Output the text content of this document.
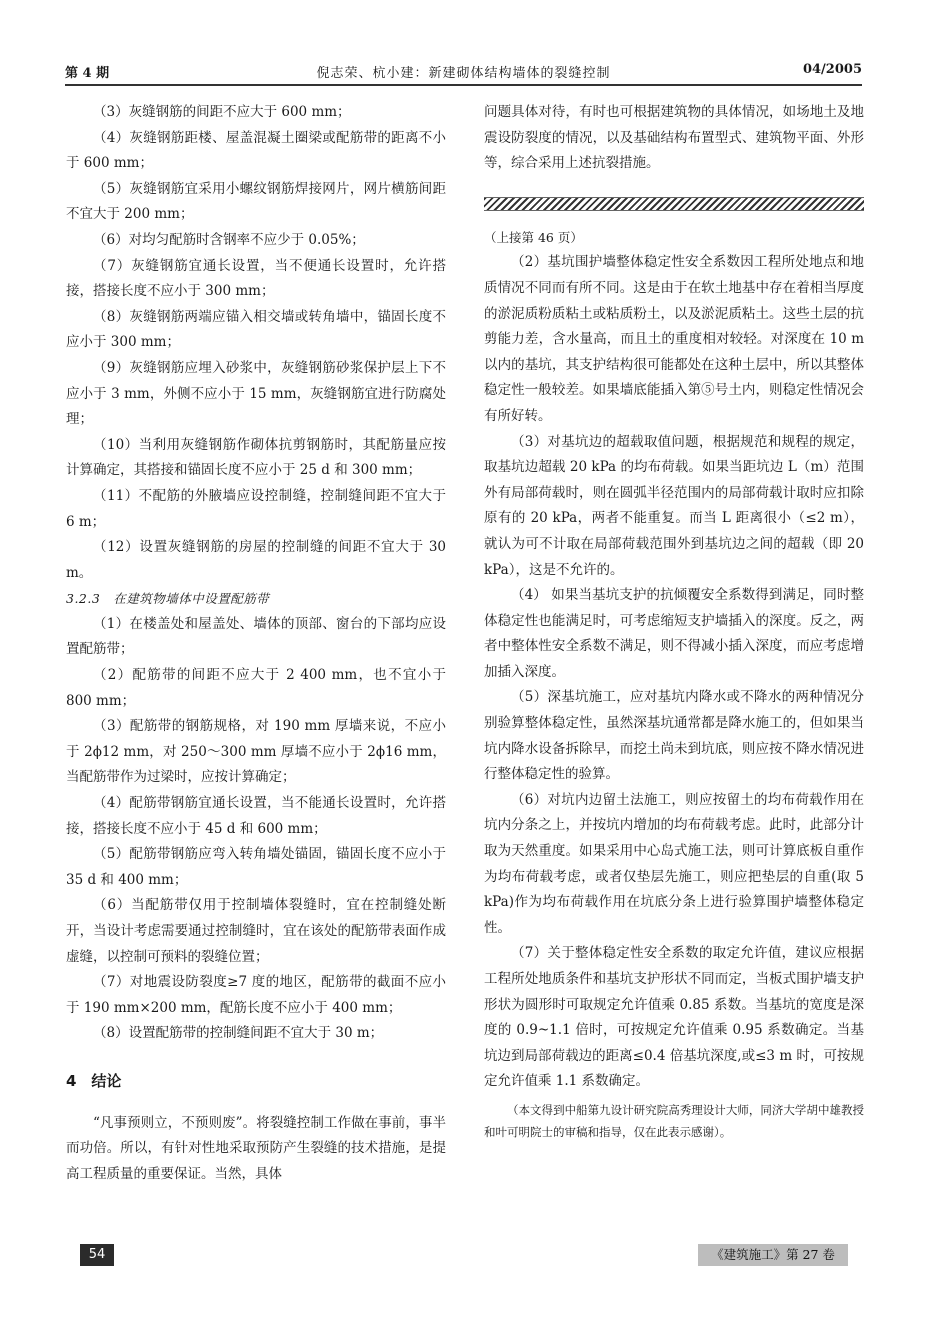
第 4 期	倪志荣、杭小建：新建砌体结构墙体的裂缝控制	04/2005

（3）灰缝钢筋的间距不应大于 600 mm；

（4）灰缝钢筋距楼、屋盖混凝土圈梁或配筋带的距离不小于 600 mm；

（5）灰缝钢筋宜采用小螺纹钢筋焊接网片，网片横筋间距不宜大于 200 mm；

（6）对均匀配筋时含钢率不应少于 0.05%；

（7）灰缝钢筋宜通长设置，当不便通长设置时，允许搭接，搭接长度不应小于 300 mm；

（8）灰缝钢筋两端应锚入相交墙或转角墙中，锚固长度不应小于 300 mm；

（9）灰缝钢筋应埋入砂浆中，灰缝钢筋砂浆保护层上下不应小于 3 mm，外侧不应小于 15 mm，灰缝钢筋宜进行防腐处理；

（10）当利用灰缝钢筋作砌体抗剪钢筋时，其配筋量应按计算确定，其搭接和锚固长度不应小于 25 d 和 300 mm；

（11）不配筋的外腋墙应设控制缝，控制缝间距不宜大于 6 m；

（12）设置灰缝钢筋的房屋的控制缝的间距不宜大于 30 m。

3.2.3　在建筑物墙体中设置配筋带

（1）在楼盖处和屋盖处、墙体的顶部、窗台的下部均应设置配筋带；

（2）配筋带的间距不应大于 2 400 mm，也不宜小于 800 mm；

（3）配筋带的钢筋规格，对 190 mm 厚墙来说，不应小于 2ϕ12 mm，对 250～300 mm 厚墙不应小于 2ϕ16 mm，当配筋带作为过梁时，应按计算确定；

（4）配筋带钢筋宜通长设置，当不能通长设置时，允许搭接，搭接长度不应小于 45 d 和 600 mm；

（5）配筋带钢筋应弯入转角墙处锚固，锚固长度不应小于 35 d 和 400 mm；

（6）当配筋带仅用于控制墙体裂缝时，宜在控制缝处断开，当设计考虑需要通过控制缝时，宜在该处的配筋带表面作成虚缝，以控制可预料的裂缝位置；

（7）对地震设防裂度≥7 度的地区，配筋带的截面不应小于 190 mm×200 mm，配筋长度不应小于 400 mm；

（8）设置配筋带的控制缝间距不宜大于 30 m；

4　结论

“凡事预则立，不预则废”。将裂缝控制工作做在事前，事半而功倍。所以，有针对性地采取预防产生裂缝的技术措施，是提高工程质量的重要保证。当然，具体

问题具体对待，有时也可根据建筑物的具体情况，如场地土及地震设防裂度的情况，以及基础结构布置型式、建筑物平面、外形等，综合采用上述抗裂措施。

（上接第 46 页）

（2）基坑围护墙整体稳定性安全系数因工程所处地点和地质情况不同而有所不同。这是由于在软土地基中存在着相当厚度的淤泥质粉质粘土或粘质粉土，以及淤泥质粘土。这些土层的抗剪能力差，含水量高，而且土的重度相对较轻。对深度在 10 m 以内的基坑，其支护结构很可能都处在这种土层中，所以其整体稳定性一般较差。如果墙底能插入第⑤号土内，则稳定性情况会有所好转。

（3）对基坑边的超载取值问题，根据规范和规程的规定，取基坑边超载 20 kPa 的均布荷载。如果当距坑边 L（m）范围外有局部荷载时，则在圆弧半径范围内的局部荷载计取时应扣除原有的 20 kPa，两者不能重复。而当 L 距离很小（≤2 m），就认为可不计取在局部荷载范围外到基坑边之间的超载（即 20 kPa），这是不允许的。

（4） 如果当基坑支护的抗倾覆安全系数得到满足，同时整体稳定性也能满足时，可考虑缩短支护墙插入的深度。反之，两者中整体性安全系数不满足，则不得减小插入深度，而应考虑增加插入深度。

（5）深基坑施工，应对基坑内降水或不降水的两种情况分别验算整体稳定性，虽然深基坑通常都是降水施工的，但如果当坑内降水设备拆除早，而挖土尚未到坑底，则应按不降水情况进行整体稳定性的验算。

（6）对坑内边留土法施工，则应按留土的均布荷载作用在坑内分条之上，并按坑内增加的均布荷载考虑。此时，此部分计取为天然重度。如果采用中心岛式施工法，则可计算底板自重作为均布荷载考虑，或者仅垫层先施工，则应把垫层的自重(取 5 kPa)作为均布荷载作用在坑底分条上进行验算围护墙整体稳定性。

（7）关于整体稳定性安全系数的取定允许值，建议应根据工程所处地质条件和基坑支护形状不同而定，当板式围护墙支护形状为圆形时可取规定允许值乘 0.85 系数。当基坑的宽度是深度的 0.9~1.1 倍时，可按规定允许值乘 0.95 系数确定。当基坑边到局部荷载边的距离≤0.4 倍基坑深度,或≤3 m 时，可按规定允许值乘 1.1 系数确定。

（本文得到中船第九设计研究院高秀理设计大师，同济大学胡中雄教授和叶可明院士的审稿和指导，仅在此表示感谢）。

54	《建筑施工》第 27 卷
